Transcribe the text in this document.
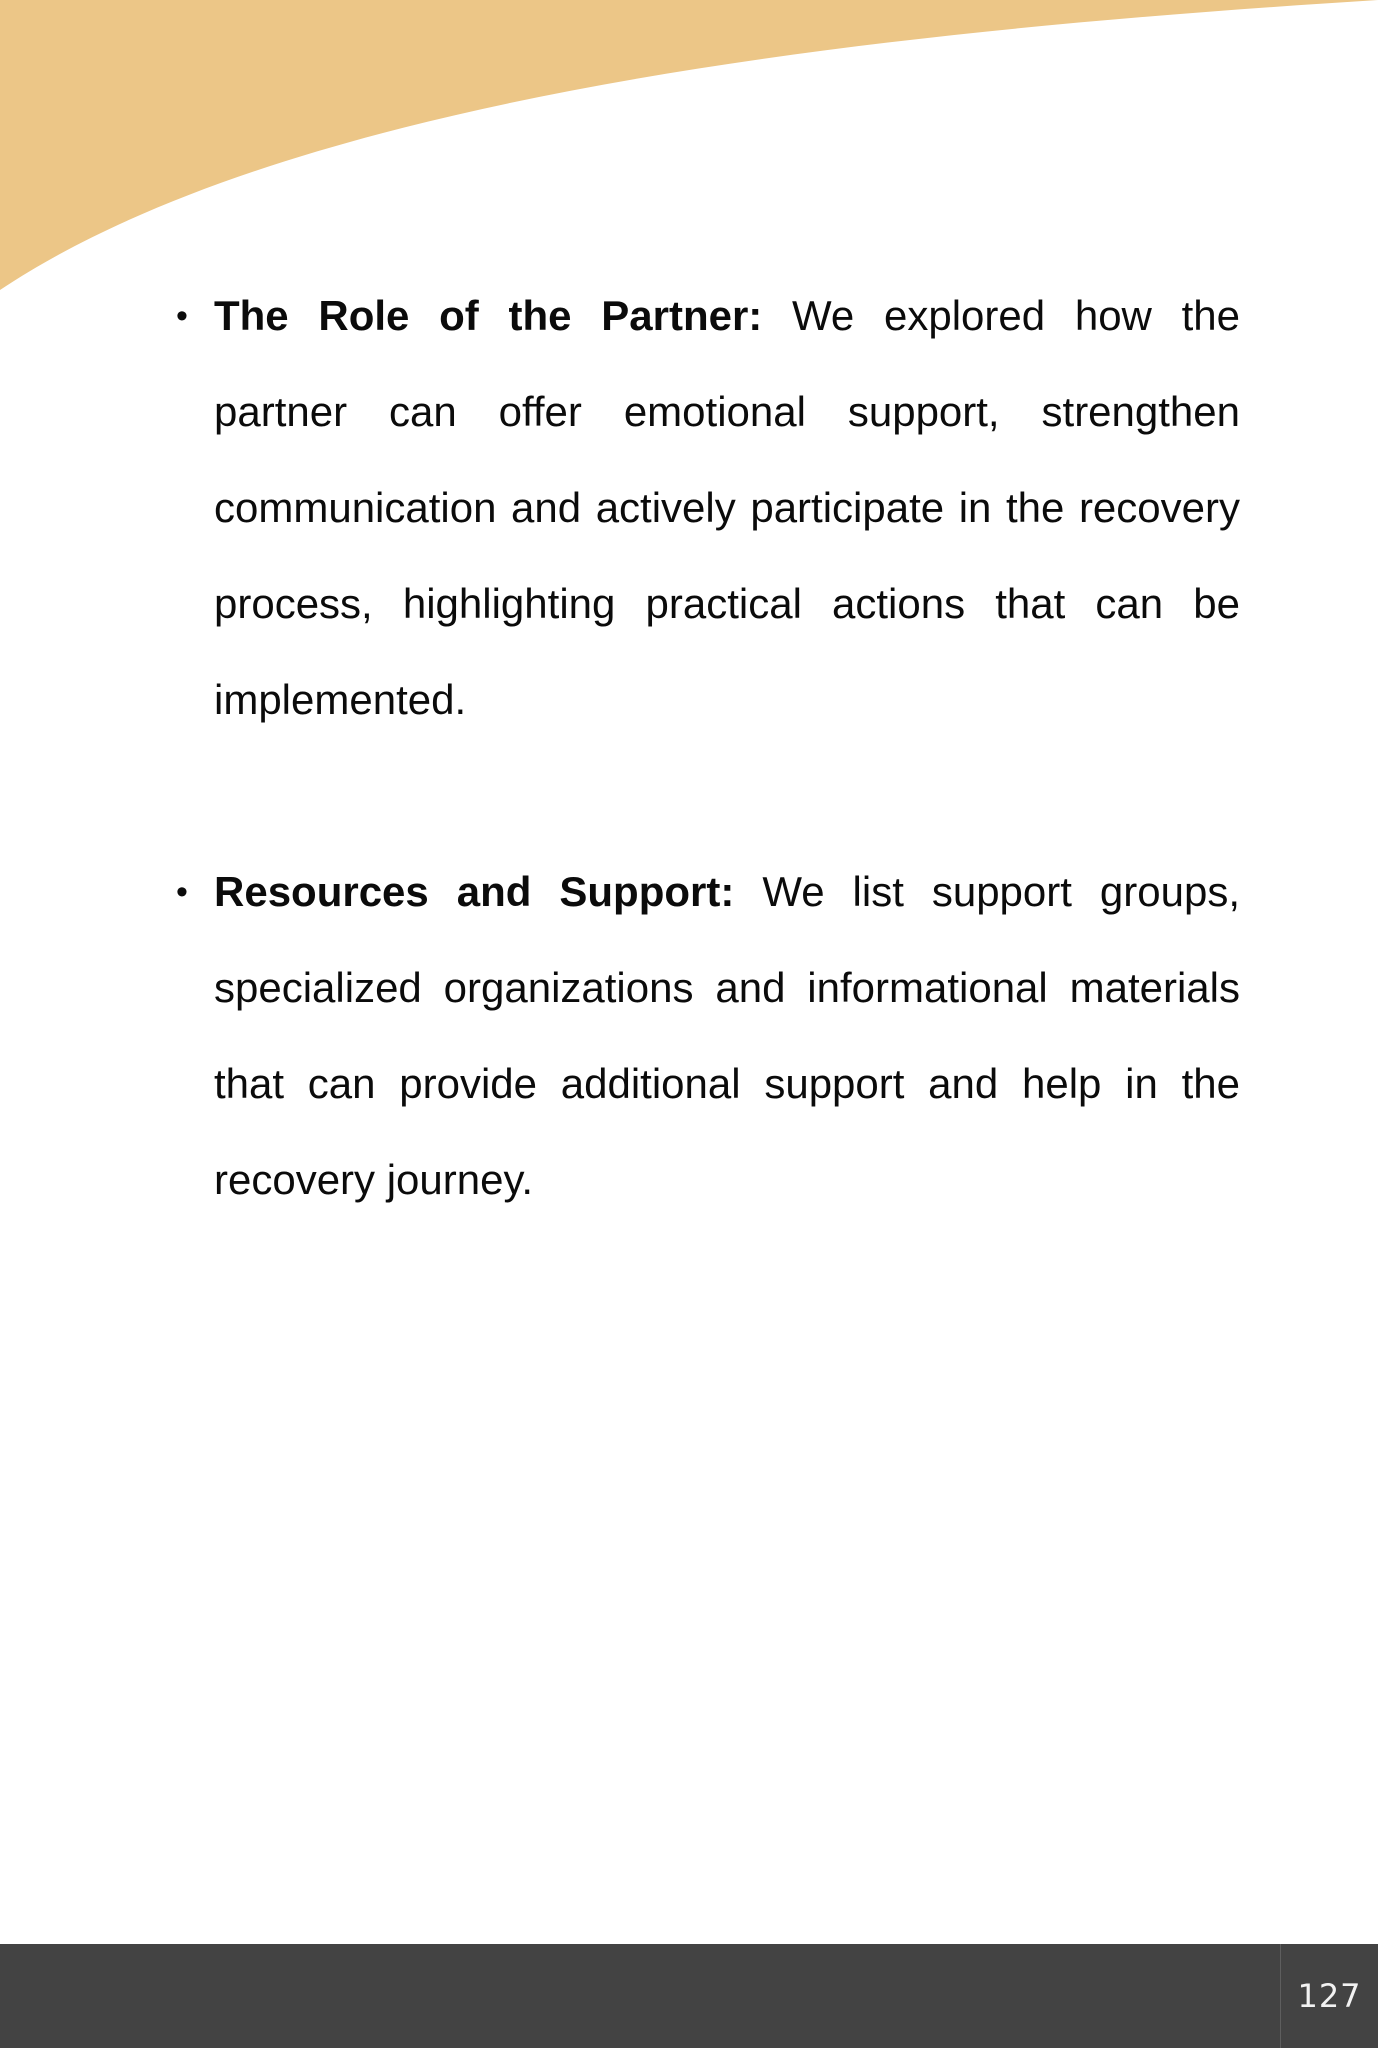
• The Role of the Partner: We explored how the partner can offer emotional support, strengthen communication and actively participate in the recovery process, highlighting practical actions that can be implemented.

• Resources and Support: We list support groups, specialized organizations and informational materials that can provide additional support and help in the recovery journey.

127
